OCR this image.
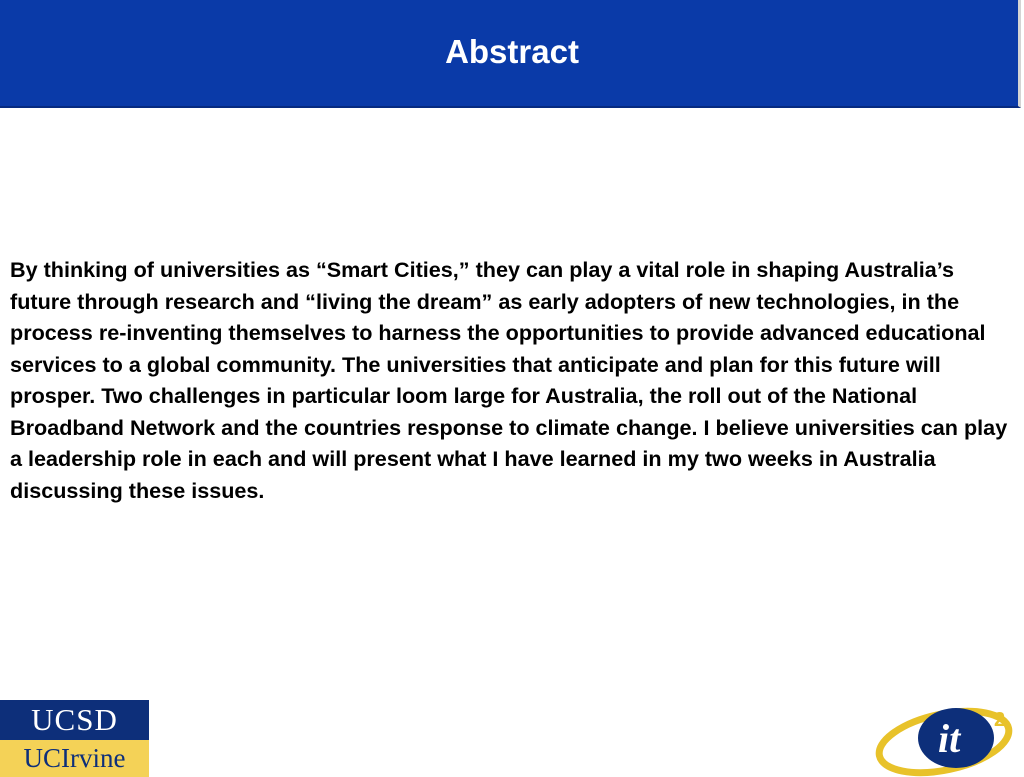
Abstract

By thinking of universities as “Smart Cities,” they can play a vital role in shaping Australia’s future through research and “living the dream” as early adopters of new technologies, in the process re-inventing themselves to harness the opportunities to provide advanced educational services to a global community. The universities that anticipate and plan for this future will prosper. Two challenges in particular loom large for Australia, the roll out of the National Broadband Network and the countries response to climate change. I believe universities can play a leadership role in each and will present what I have learned in my two weeks in Australia discussing these issues.

UCSD
UCIrvine	it 2
